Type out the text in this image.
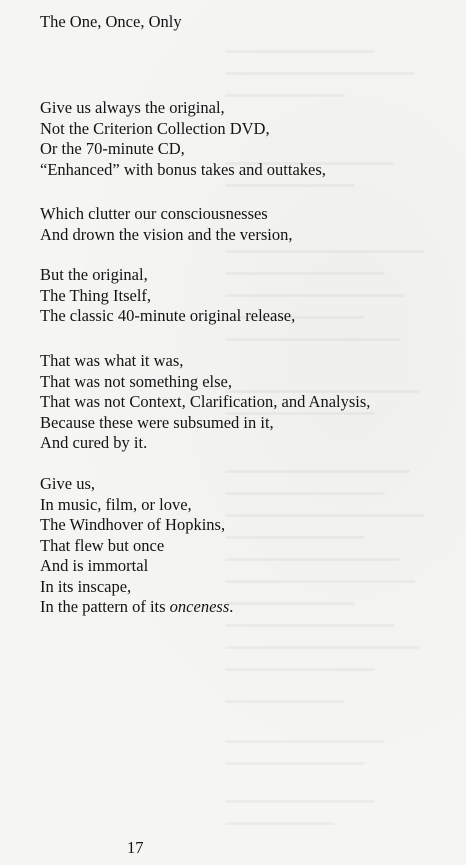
The One, Once, Only

Give us always the original,
Not the Criterion Collection DVD,
Or the 70-minute CD,
“Enhanced” with bonus takes and outtakes,

Which clutter our consciousnesses
And drown the vision and the version,

But the original,
The Thing Itself,
The classic 40-minute original release,

That was what it was,
That was not something else,
That was not Context, Clarification, and Analysis,
Because these were subsumed in it,
And cured by it.

Give us,
In music, film, or love,
The Windhover of Hopkins,
That flew but once
And is immortal
In its inscape,
In the pattern of its onceness.

17
